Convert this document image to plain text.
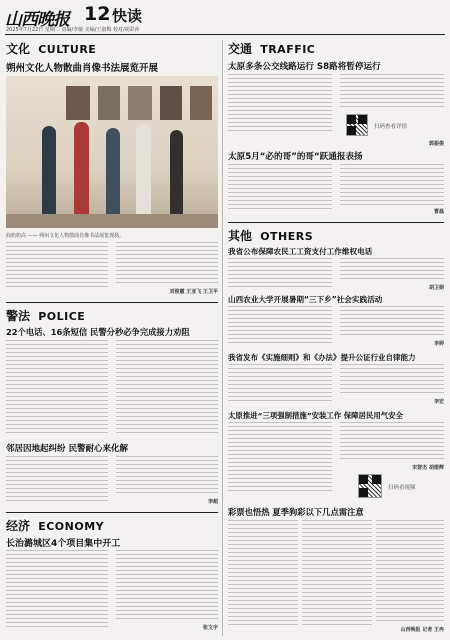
山西晚报 12 快读
2025年7月22日 星期二 责编/李敏 美编/王淑梅 校对/胡彩萍
文化 CULTURE
朔州文化人物散曲肖像书法展览开展
曲奶奶高 —— 朔州文化人物散曲肖像书法展览现场。
刘俊霞 王亚飞 王卫平
警法 POLICE
22个电话、16条短信 民警分秒必争完成接力劝阻
邻居因地起纠纷 民警耐心来化解
李超
经济 ECONOMY
长治潞城区4个项目集中开工
张文宇
交通 TRAFFIC
太原多条公交线路运行 S8路将暂停运行
扫码查看详情
郭振俊
太原5月“必的哥”的哥“跃通报表扬
曹磊
其他 OTHERS
我省公布保障农民工工资支付工作维权电话
胡卫娟
山西农业大学开展暑期“三下乡”社会实践活动
李婷
我省发布《实施细则》和《办法》提升公证行业自律能力
李宏
太原推进“三项强制措施”安装工作 保障居民用气安全
宋智杰 胡煜辉
扫码看视频
彩票也悟热 夏季狗彩以下几点需注意
山西晚报 记者 王冉
